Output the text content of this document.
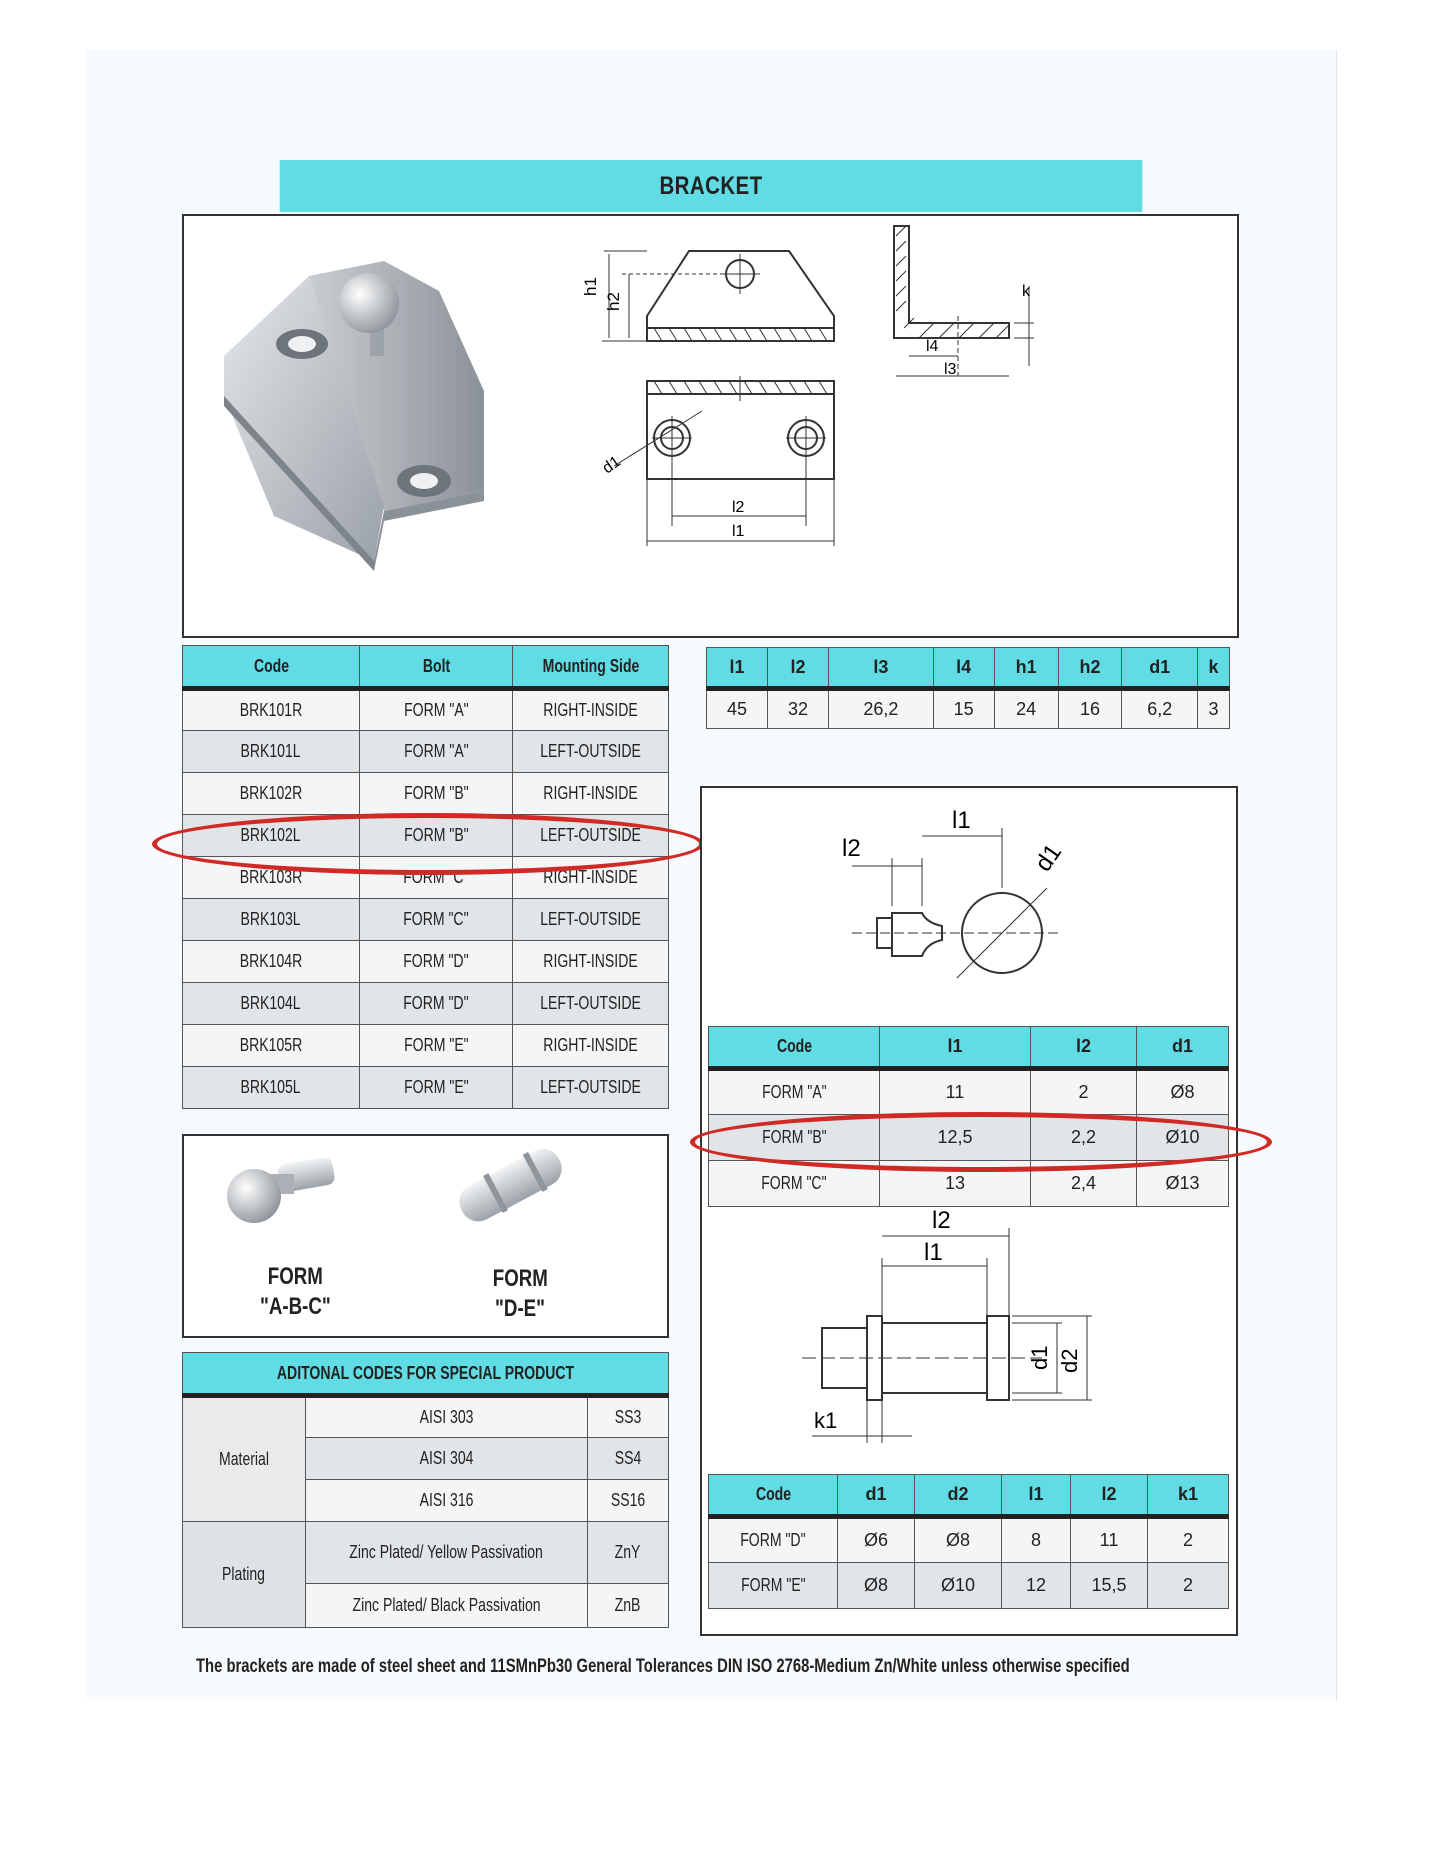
BRACKET
h1
h2
k
l4
l3
d1
l2
l1
Code	Bolt	Mounting Side
BRK101R	FORM "A"	RIGHT-INSIDE
BRK101L	FORM "A"	LEFT-OUTSIDE
BRK102R	FORM "B"	RIGHT-INSIDE
BRK102L	FORM "B"	LEFT-OUTSIDE
BRK103R	FORM "C"	RIGHT-INSIDE
BRK103L	FORM "C"	LEFT-OUTSIDE
BRK104R	FORM "D"	RIGHT-INSIDE
BRK104L	FORM "D"	LEFT-OUTSIDE
BRK105R	FORM "E"	RIGHT-INSIDE
BRK105L	FORM "E"	LEFT-OUTSIDE
l1	l2	l3	l4	h1	h2	d1	k
45	32	26,2	15	24	16	6,2	3
l2
l1
d1
l2
l1
d1 d2
k1
Code	l1	l2	d1
FORM "A"	11	2	Ø8
FORM "B"	12,5	2,2	Ø10
FORM "C"	13	2,4	Ø13
Code	d1	d2	l1	l2	k1
FORM "D"	Ø6	Ø8	8	11	2
FORM "E"	Ø8	Ø10	12	15,5	2
FORM
"A-B-C"
FORM
"D-E"
ADITONAL CODES FOR SPECIAL PRODUCT		
Material	AISI 303	SS3
	AISI 304	SS4
	AISI 316	SS16
Plating	Zinc Plated/ Yellow Passivation	ZnY
	Zinc Plated/ Black Passivation	ZnB
The brackets are made of steel sheet and 11SMnPb30 General Tolerances DIN ISO 2768-Medium Zn/White unless otherwise specified
